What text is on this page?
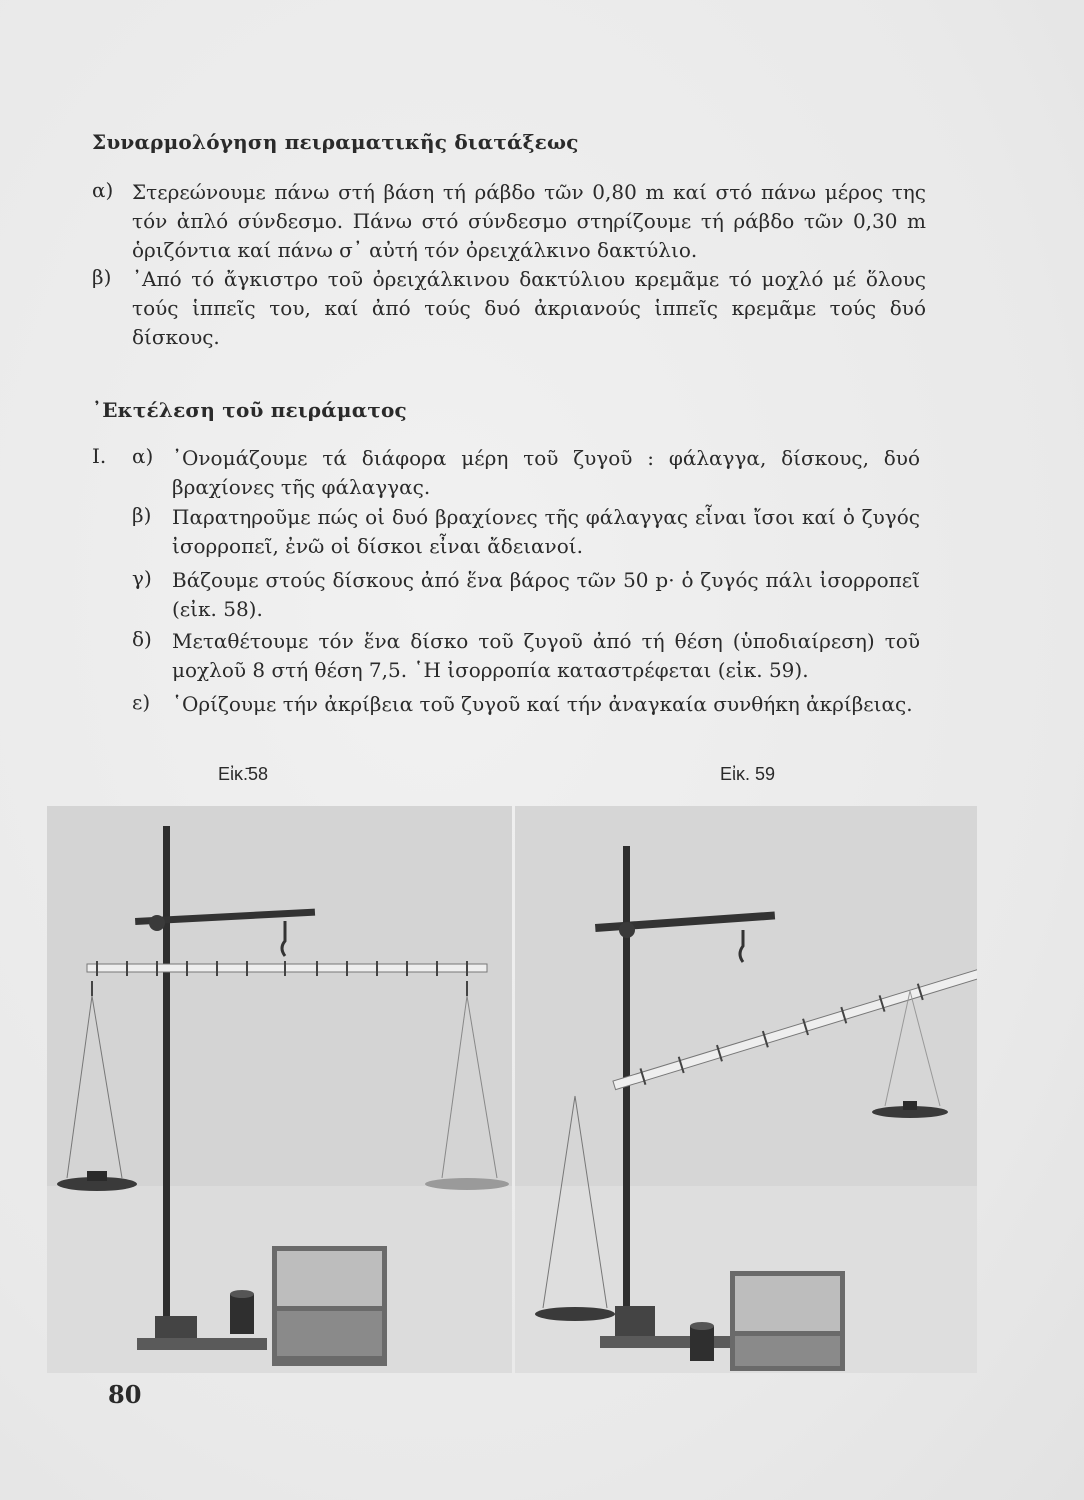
Συναρμολόγηση πειραματικῆς διατάξεως
α) Στερεώνουμε πάνω στή βάση τή ράβδο τῶν 0,80 m καί στό πάνω μέρος της τόν ἁπλό σύνδεσμο. Πάνω στό σύνδεσμο στηρίζουμε τή ράβδο τῶν 0,30 m ὁριζόντια καί πάνω σ᾽ αὐτή τόν ὀρειχάλκινο δακτύλιο.
β) ᾽Από τό ἄγκιστρο τοῦ ὀρειχάλκινου δακτύλιου κρεμᾶμε τό μοχλό μέ ὅλους τούς ἱππεῖς του, καί ἀπό τούς δυό ἀκριανούς ἱππεῖς κρεμᾶμε τούς δυό δίσκους.
᾽Εκτέλεση τοῦ πειράματος
Ι. α) ᾽Ονομάζουμε τά διάφορα μέρη τοῦ ζυγοῦ : φάλαγγα, δίσκους, δυό βραχίονες τῆς φάλαγγας.
β) Παρατηροῦμε πώς οἱ δυό βραχίονες τῆς φάλαγγας εἶναι ἴσοι καί ὁ ζυγός ἰσορροπεῖ, ἐνῶ οἱ δίσκοι εἶναι ἄδειανοί.
γ) Βάζουμε στούς δίσκους ἀπό ἕνα βάρος τῶν 50 p· ὁ ζυγός πάλι ἰσορροπεῖ (εἰκ. 58).
δ) Μεταθέτουμε τόν ἕνα δίσκο τοῦ ζυγοῦ ἀπό τή θέση (ὑποδιαίρεση) τοῦ μοχλοῦ 8 στή θέση 7,5. ῾Η ἰσορροπία καταστρέφεται (εἰκ. 59).
ε) ῾Ορίζουμε τήν ἀκρίβεια τοῦ ζυγοῦ καί τήν ἀναγκαία συνθήκη ἀκρίβειας.
Εἰκ.̄58	Εἰκ. 59
80
